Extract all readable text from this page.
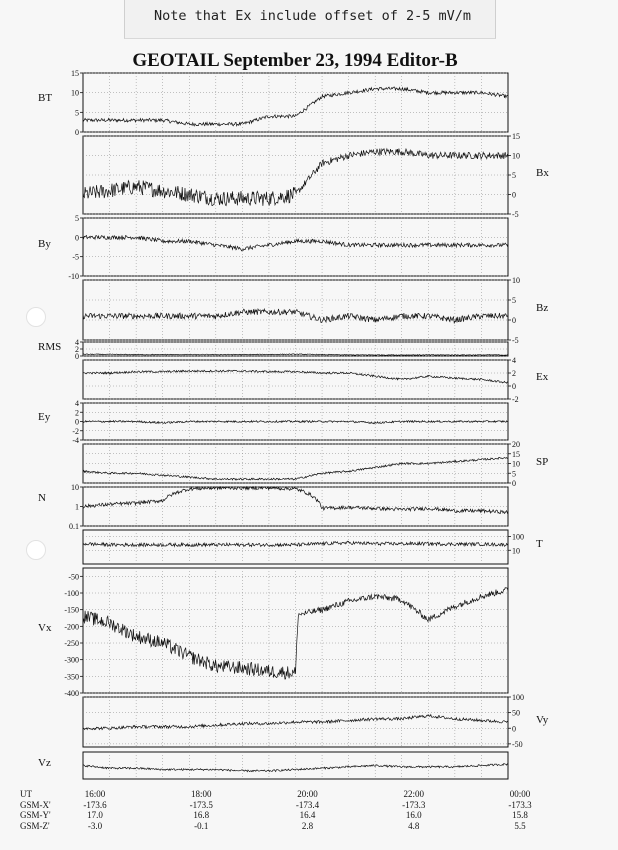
Note that Ex include offset of 2-5 mV/m
GEOTAIL September 23, 1994 Editor-B
15
10
5
0
BT
15
10
5
0
-5
Bx
5
0
-5
-10
By
10
5
0
-5
Bz
4
2
0
RMS
4
2
0
-2
Ex
4
2
0
-2
-4
Ey
20
15
10
5
0
SP
10
1
0.1
N
100
10
T
-50
-100
-150
-200
-250
-300
-350
-400
Vx
100
50
0
-50
Vy
Vz
UT	16:00	18:00	20:00	22:00	00:00
GSM-X'	-173.6	-173.5	-173.4	-173.3	-173.3
GSM-Y'	17.0	16.8	16.4	16.0	15.8
GSM-Z'	-3.0	-0.1	2.8	4.8	5.5
